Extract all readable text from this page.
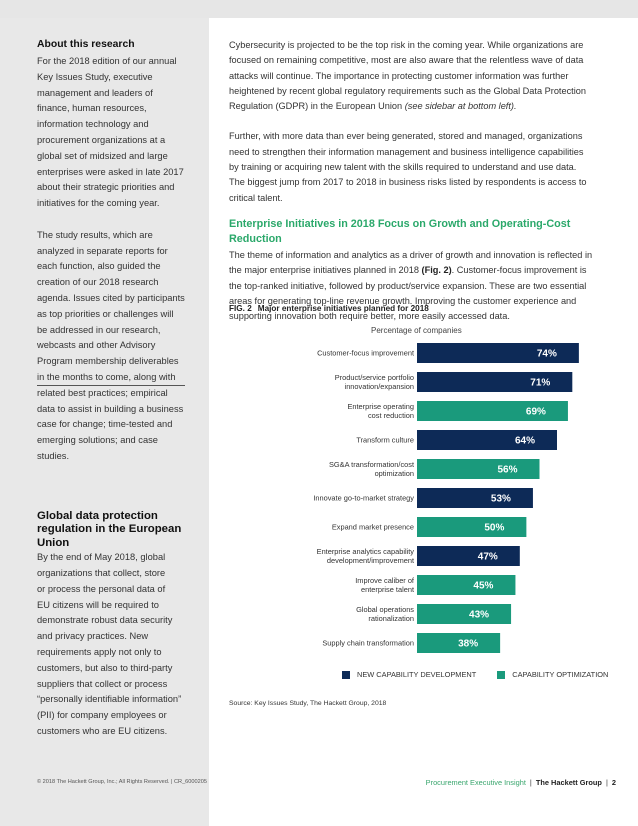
About this research

For the 2018 edition of our annual

Key Issues Study, executive

management and leaders of

finance, human resources,

information technology and

procurement organizations at a

global set of midsized and large

enterprises were asked in late 2017

about their strategic priorities and

initiatives for the coming year.

The study results, which are

analyzed in separate reports for

each function, also guided the

creation of our 2018 research

agenda. Issues cited by participants

as top priorities or challenges will

be addressed in our research,

webcasts and other Advisory

Program membership deliverables

in the months to come, along with

related best practices; empirical

data to assist in building a business

case for change; time-tested and

emerging solutions; and case

studies.

Global data protection

regulation in the European

Union

By the end of May 2018, global

organizations that collect, store

or process the personal data of

EU citizens will be required to

demonstrate robust data security

and privacy practices. New

requirements apply not only to

customers, but also to third-party

suppliers that collect or process

“personally identifiable information”

(PII) for company employees or

customers who are EU citizens.

Cybersecurity is projected to be the top risk in the coming year. While organizations are

focused on remaining competitive, most are also aware that the relentless wave of data

attacks will continue. The importance in protecting customer information was further

heightened by recent global regulatory requirements such as the Global Data Protection

Regulation (GDPR) in the European Union (see sidebar at bottom left).

Further, with more data than ever being generated, stored and managed, organizations

need to strengthen their information management and business intelligence capabilities

by training or acquiring new talent with the skills required to understand and use data.

The biggest jump from 2017 to 2018 in business risks listed by respondents is access to

critical talent.

Enterprise Initiatives in 2018 Focus on Growth and Operating-Cost

Reduction

The theme of information and analytics as a driver of growth and innovation is reflected in

the major enterprise initiatives planned in 2018 (Fig. 2). Customer-focus improvement is

the top-ranked initiative, followed by product/service expansion. These are two essential

areas for generating top-line revenue growth. Improving the customer experience and

supporting innovation both require better, more easily accessed data.

FIG. 2 Major enterprise initiatives planned for 2018
Percentage of companies
74%
Customer-focus improvement
71%
Product/service portfolio
innovation/expansion
69%
Enterprise operating
cost reduction
64%
Transform culture
56%
SG&A transformation/cost
optimization
53%
Innovate go-to-market strategy
50%
Expand market presence
47%
Enterprise analytics capability
development/improvement
45%
Improve caliber of
enterprise talent
43%
Global operations
rationalization
38%
Supply chain transformation
NEW CAPABILITY DEVELOPMENT	CAPABILITY OPTIMIZATION
Source: Key Issues Study, The Hackett Group, 2018
© 2018 The Hackett Group, Inc.; All Rights Reserved. | CR_6000205	Procurement Executive Insight | The Hackett Group | 2
